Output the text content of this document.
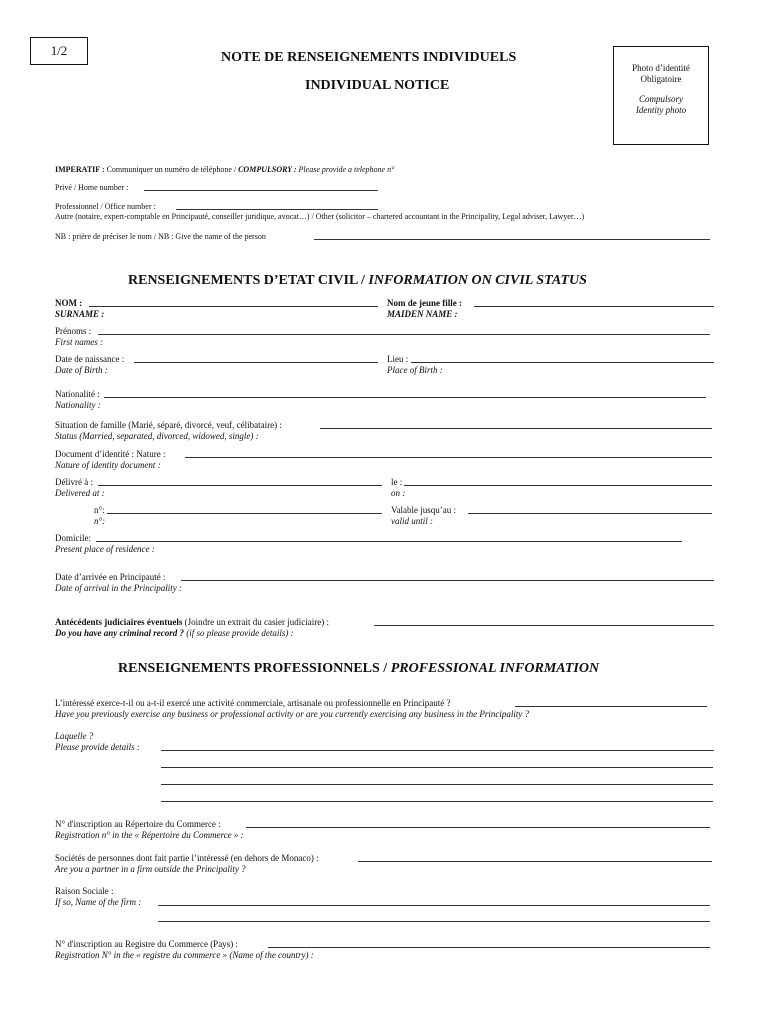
1/2	NOTE DE RENSEIGNEMENTS INDIVIDUELS
INDIVIDUAL NOTICE
Photo d’identité
Obligatoire
Compulsory
Identity photo
IMPERATIF : Communiquer un numéro de téléphone / COMPULSORY : Please provide a telephone n°
Privé / Home number :
Professionnel / Office number :
Autre (notaire, expert-comptable en Principauté, conseiller juridique, avocat…) / Other (solicitor – chartered accountant in the Principality, Legal adviser, Lawyer…)
NB : prière de préciser le nom / NB : Give the name of the person
RENSEIGNEMENTS D’ETAT CIVIL / INFORMATION ON CIVIL STATUS
NOM :
SURNAME :
Nom de jeune fille :
MAIDEN NAME :
Prénoms :
First names :
Date de naissance :
Date of Birth :
Lieu :
Place of Birth :
Nationalité :
Nationality :
Situation de famille (Marié, séparé, divorcé, veuf, célibataire) :
Status (Married, separated, divorced, widowed, single) :
Document d’identité : Nature :
Nature of identity document :
Délivré à :
Delivered at :
le :
on :
n°:
n°:
Valable jusqu’au :
valid until :
Domicile:
Present place of residence :
Date d’arrivée en Principauté :
Date of arrival in the Principality :
Antécédents judiciaires éventuels (Joindre un extrait du casier judiciaire) :
Do you have any criminal record ? (if so please provide details) :
RENSEIGNEMENTS PROFESSIONNELS / PROFESSIONAL INFORMATION
L’intéressé exerce-t-il ou a-t-il exercé une activité commerciale, artisanale ou professionnelle en Principauté ?
Have you previously exercise any business or professional activity or are you currently exercising any business in the Principality ?
Laquelle ?
Please provide details :
N° d'inscription au Répertoire du Commerce :
Registration n° in the « Répertoire du Commerce » :
Sociétés de personnes dont fait partie l’intéressé (en dehors de Monaco) :
Are you a partner in a firm outside the Principality ?
Raison Sociale :
If so, Name of the firm :
N° d'inscription au Registre du Commerce (Pays) :
Registration N° in the « registre du commerce » (Name of the country) :
